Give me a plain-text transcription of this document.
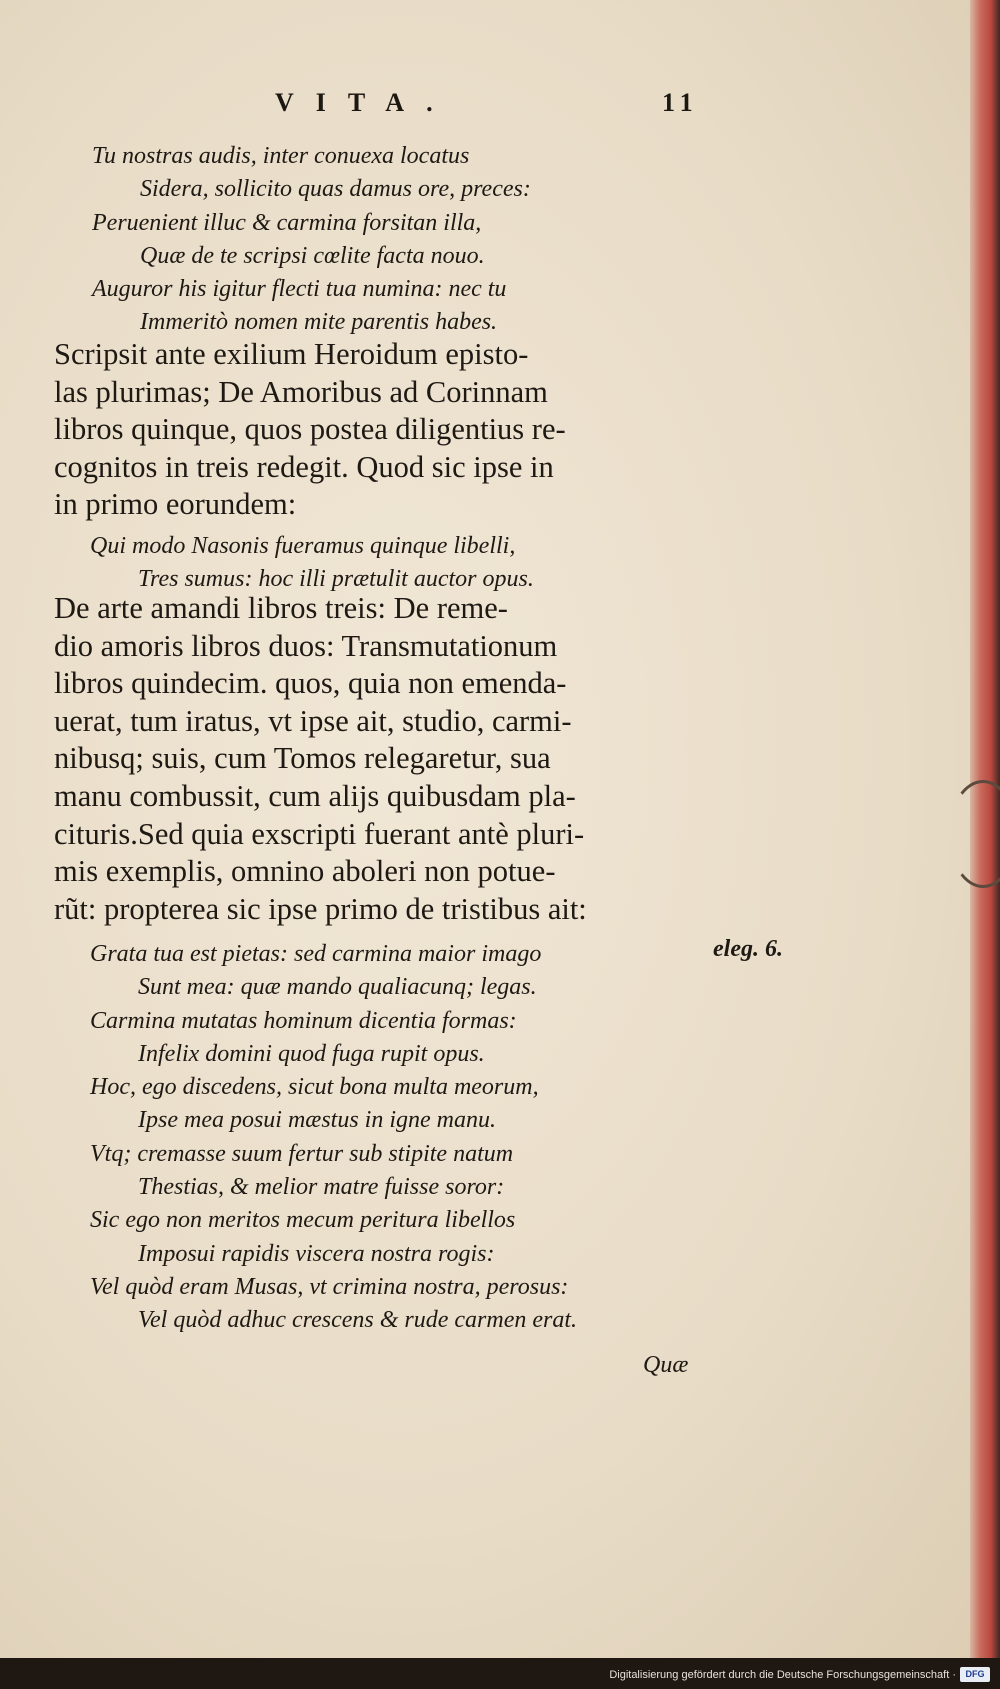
VITA.	11
Tu nostras audis, inter conuexa locatus
Sidera, sollicito quas damus ore, preces:
Peruenient illuc & carmina forsitan illa,
Quæ de te scripsi cœlite facta nouo.
Auguror his igitur flecti tua numina: nec tu
Immeritò nomen mite parentis habes.
Scripsit ante exilium Heroidum episto-
las plurimas; De Amoribus ad Corinnam
libros quinque, quos postea diligentius re-
cognitos in treis redegit. Quod sic ipse in
in primo eorundem:
Qui modo Nasonis fueramus quinque libelli,
Tres sumus: hoc illi prætulit auctor opus.
De arte amandi libros treis: De reme-
dio amoris libros duos: Transmutationum
libros quindecim. quos, quia non emenda-
uerat, tum iratus, vt ipse ait, studio, carmi-
nibusq; suis, cum Tomos relegaretur, sua
manu combussit, cum alijs quibusdam pla-
cituris.Sed quia exscripti fuerant antè pluri-
mis exemplis, omnino aboleri non potue-
rũt: propterea sic ipse primo de tristibus ait:
eleg. 6.
Grata tua est pietas: sed carmina maior imago
Sunt mea: quæ mando qualiacunq; legas.
Carmina mutatas hominum dicentia formas:
Infelix domini quod fuga rupit opus.
Hoc, ego discedens, sicut bona multa meorum,
Ipse mea posui mæstus in igne manu.
Vtq; cremasse suum fertur sub stipite natum
Thestias, & melior matre fuisse soror:
Sic ego non meritos mecum peritura libellos
Imposui rapidis viscera nostra rogis:
Vel quòd eram Musas, vt crimina nostra, perosus:
Vel quòd adhuc crescens & rude carmen erat.
Quæ
Digitalisierung gefördert durch die Deutsche Forschungsgemeinschaft ·	DFG
